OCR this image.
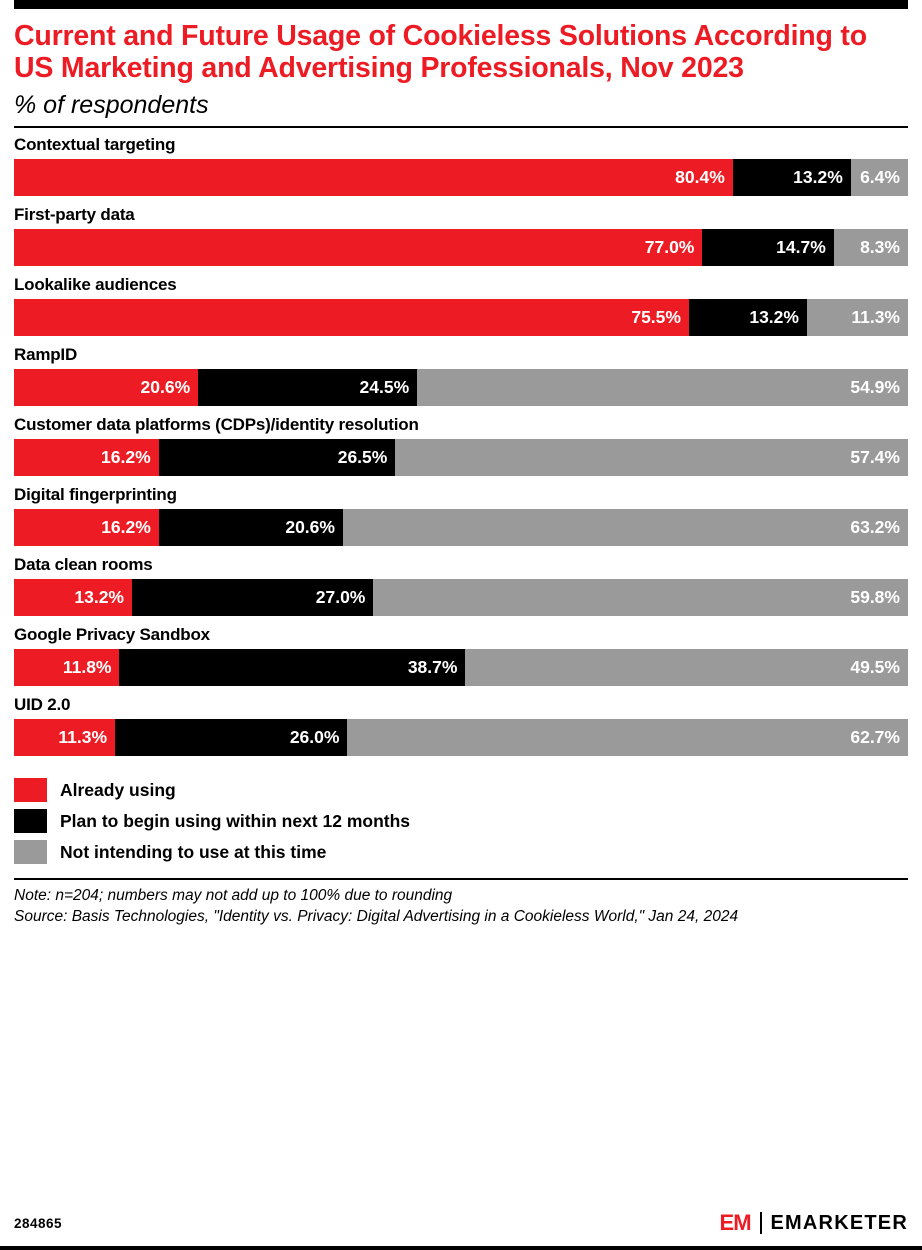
Current and Future Usage of Cookieless Solutions According to US Marketing and Advertising Professionals, Nov 2023
% of respondents
Contextual targeting
80.4%	13.2% 6.4%
First-party data
77.0%	14.7%	8.3%
Lookalike audiences
75.5%	13.2%	11.3%
RampID
20.6%	24.5%	54.9%
Customer data platforms (CDPs)/identity resolution
16.2%	26.5%	57.4%
Digital fingerprinting
16.2%	20.6%	63.2%
Data clean rooms
13.2%	27.0%	59.8%
Google Privacy Sandbox
11.8%	38.7%	49.5%
UID 2.0
11.3%	26.0%	62.7%
Already using
Plan to begin using within next 12 months
Not intending to use at this time
Note: n=204; numbers may not add up to 100% due to rounding
Source: Basis Technologies, "Identity vs. Privacy: Digital Advertising in a Cookieless World," Jan 24, 2024
284865	EM	EMARKETER
